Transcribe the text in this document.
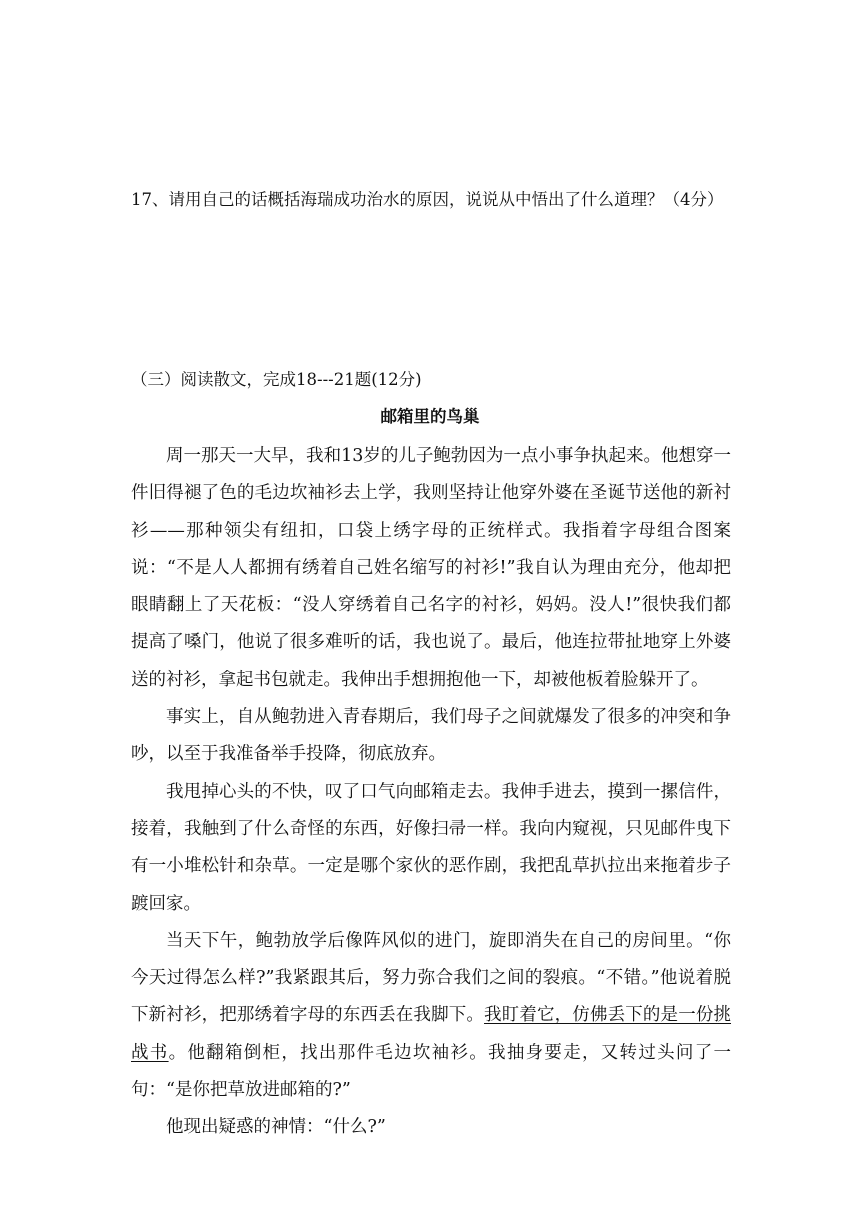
17、请用自己的话概括海瑞成功治水的原因，说说从中悟出了什么道理？（4分）
（三）阅读散文，完成18---21题(12分)
邮箱里的鸟巢

周一那天一大早，我和13岁的儿子鲍勃因为一点小事争执起来。他想穿一件旧得褪了色的毛边坎袖衫去上学，我则坚持让他穿外婆在圣诞节送他的新衬衫——那种领尖有纽扣，口袋上绣字母的正统样式。我指着字母组合图案说：“不是人人都拥有绣着自己姓名缩写的衬衫!”我自认为理由充分，他却把眼睛翻上了天花板：“没人穿绣着自己名字的衬衫，妈妈。没人!”很快我们都提高了嗓门，他说了很多难听的话，我也说了。最后，他连拉带扯地穿上外婆送的衬衫，拿起书包就走。我伸出手想拥抱他一下，却被他板着脸躲开了。

事实上，自从鲍勃进入青春期后，我们母子之间就爆发了很多的冲突和争吵，以至于我准备举手投降，彻底放弃。

我甩掉心头的不快，叹了口气向邮箱走去。我伸手进去，摸到一摞信件，接着，我触到了什么奇怪的东西，好像扫帚一样。我向内窥视，只见邮件曳下有一小堆松针和杂草。一定是哪个家伙的恶作剧，我把乱草扒拉出来拖着步子踱回家。

当天下午，鲍勃放学后像阵风似的进门，旋即消失在自己的房间里。“你今天过得怎么样?”我紧跟其后，努力弥合我们之间的裂痕。“不错。”他说着脱下新衬衫，把那绣着字母的东西丢在我脚下。我盯着它，仿佛丢下的是一份挑战书。他翻箱倒柜，找出那件毛边坎袖衫。我抽身要走，又转过头问了一句：“是你把草放进邮箱的?”

他现出疑惑的神情：“什么?”
